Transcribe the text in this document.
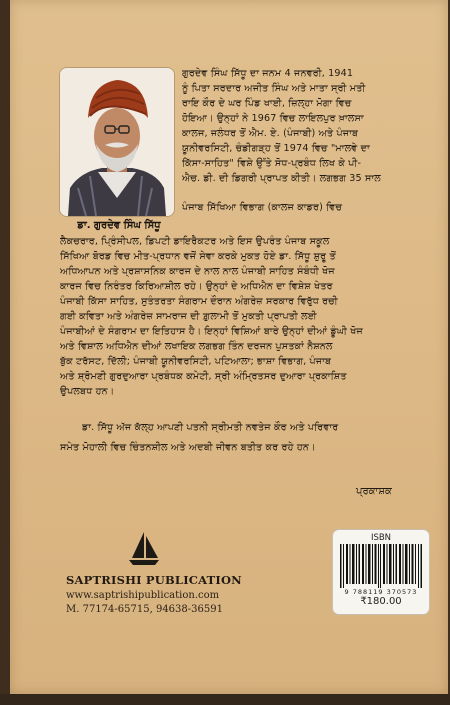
ਡਾ. ਗੁਰਦੇਵ ਸਿੰਘ ਸਿੱਧੂ
ਗੁਰਦੇਵ ਸਿੰਘ ਸਿੱਧੂ ਦਾ ਜਨਮ 4 ਜਨਵਰੀ, 1941
ਨੂੰ ਪਿਤਾ ਸਰਦਾਰ ਅਜੀਤ ਸਿੰਘ ਅਤੇ ਮਾਤਾ ਸ੍ਰੀ ਮਤੀ
ਰਾਇ ਕੌਰ ਦੇ ਘਰ ਪਿੰਡ ਖਾਈ, ਜ਼ਿਲ੍ਹਾ ਮੋਗਾ ਵਿਚ
ਹੋਇਆ। ਉਨ੍ਹਾਂ ਨੇ 1967 ਵਿਚ ਲਾਇਲਪੁਰ ਖ਼ਾਲਸਾ
ਕਾਲਜ, ਜਲੰਧਰ ਤੋਂ ਐਮ. ਏ. (ਪੰਜਾਬੀ) ਅਤੇ ਪੰਜਾਬ
ਯੂਨੀਵਰਸਿਟੀ, ਚੰਡੀਗੜ੍ਹ ਤੋਂ 1974 ਵਿਚ "ਮਾਲਵੇ ਦਾ
ਕਿੱਸਾ-ਸਾਹਿਤ" ਵਿਸ਼ੇ ਉੱਤੇ ਸੋਧ-ਪ੍ਰਬੰਧ ਲਿਖ ਕੇ ਪੀ-
ਐਚ. ਡੀ. ਦੀ ਡਿਗਰੀ ਪ੍ਰਾਪਤ ਕੀਤੀ। ਲਗਭਗ 35 ਸਾਲ
ਪੰਜਾਬ ਸਿੱਖਿਆ ਵਿਭਾਗ (ਕਾਲਜ ਕਾਡਰ) ਵਿਚ
ਲੈਕਚਰਾਰ, ਪ੍ਰਿੰਸੀਪਲ, ਡਿਪਟੀ ਡਾਇਰੈਕਟਰ ਅਤੇ ਇਸ ਉਪਰੰਤ ਪੰਜਾਬ ਸਕੂਲ
ਸਿੱਖਿਆ ਬੋਰਡ ਵਿਚ ਮੀਤ-ਪ੍ਰਧਾਨ ਵਜੋਂ ਸੇਵਾ ਕਰਕੇ ਮੁਕਤ ਹੋਏ ਡਾ. ਸਿੱਧੂ ਸ਼ੁਰੂ ਤੋਂ
ਅਧਿਆਪਨ ਅਤੇ ਪ੍ਰਸ਼ਾਸਨਿਕ ਕਾਰਜ ਦੇ ਨਾਲ ਨਾਲ ਪੰਜਾਬੀ ਸਾਹਿਤ ਸੰਬੰਧੀ ਖੋਜ
ਕਾਰਜ ਵਿਚ ਨਿਰੰਤਰ ਕਿਰਿਆਸ਼ੀਲ ਰਹੇ। ਉਨ੍ਹਾਂ ਦੇ ਅਧਿਐਨ ਦਾ ਵਿਸ਼ੇਸ਼ ਖੇਤਰ
ਪੰਜਾਬੀ ਕਿੱਸਾ ਸਾਹਿਤ, ਸੁਤੰਤਰਤਾ ਸੰਗਰਾਮ ਦੌਰਾਨ ਅੰਗਰੇਜ਼ ਸਰਕਾਰ ਵਿਰੁੱਧ ਰਚੀ
ਗਈ ਕਵਿਤਾ ਅਤੇ ਅੰਗਰੇਜ਼ ਸਾਮਰਾਜ ਦੀ ਗ਼ੁਲਾਮੀ ਤੋਂ ਮੁਕਤੀ ਪ੍ਰਾਪਤੀ ਲਈ
ਪੰਜਾਬੀਆਂ ਦੇ ਸੰਗਰਾਮ ਦਾ ਇਤਿਹਾਸ ਹੈ। ਇਨ੍ਹਾਂ ਵਿਸ਼ਿਆਂ ਬਾਰੇ ਉਨ੍ਹਾਂ ਦੀਆਂ ਡੂੰਘੀ ਖੋਜ
ਅਤੇ ਵਿਸ਼ਾਲ ਅਧਿਐਨ ਦੀਆਂ ਲਖਾਇਕ ਲਗਭਗ ਤਿੰਨ ਦਰਜਨ ਪੁਸਤਕਾਂ ਨੈਸ਼ਨਲ
ਬੁੱਕ ਟਰੱਸਟ, ਦਿੱਲੀ; ਪੰਜਾਬੀ ਯੂਨੀਵਰਸਿਟੀ, ਪਟਿਆਲਾ; ਭਾਸ਼ਾ ਵਿਭਾਗ, ਪੰਜਾਬ
ਅਤੇ ਸ਼੍ਰੋਮਣੀ ਗੁਰਦੁਆਰਾ ਪ੍ਰਬੰਧਕ ਕਮੇਟੀ, ਸ੍ਰੀ ਅੰਮ੍ਰਿਤਸਰ ਦੁਆਰਾ ਪ੍ਰਕਾਸ਼ਿਤ
ਉਪਲਬਧ ਹਨ।
ਡਾ. ਸਿੱਧੂ ਅੱਜ ਕੱਲ੍ਹ ਆਪਣੀ ਪਤਨੀ ਸ੍ਰੀਮਤੀ ਨਵਤੇਜ ਕੌਰ ਅਤੇ ਪਰਿਵਾਰ
ਸਮੇਤ ਮੋਹਾਲੀ ਵਿਚ ਚਿੰਤਨਸ਼ੀਲ ਅਤੇ ਅਦਬੀ ਜੀਵਨ ਬਤੀਤ ਕਰ ਰਹੇ ਹਨ।
ਪ੍ਰਕਾਸ਼ਕ
SAPTRISHI PUBLICATION
www.saptrishipublication.com
M. 77174-65715, 94638-36591
ISBN
9 788119 370573
₹180.00
